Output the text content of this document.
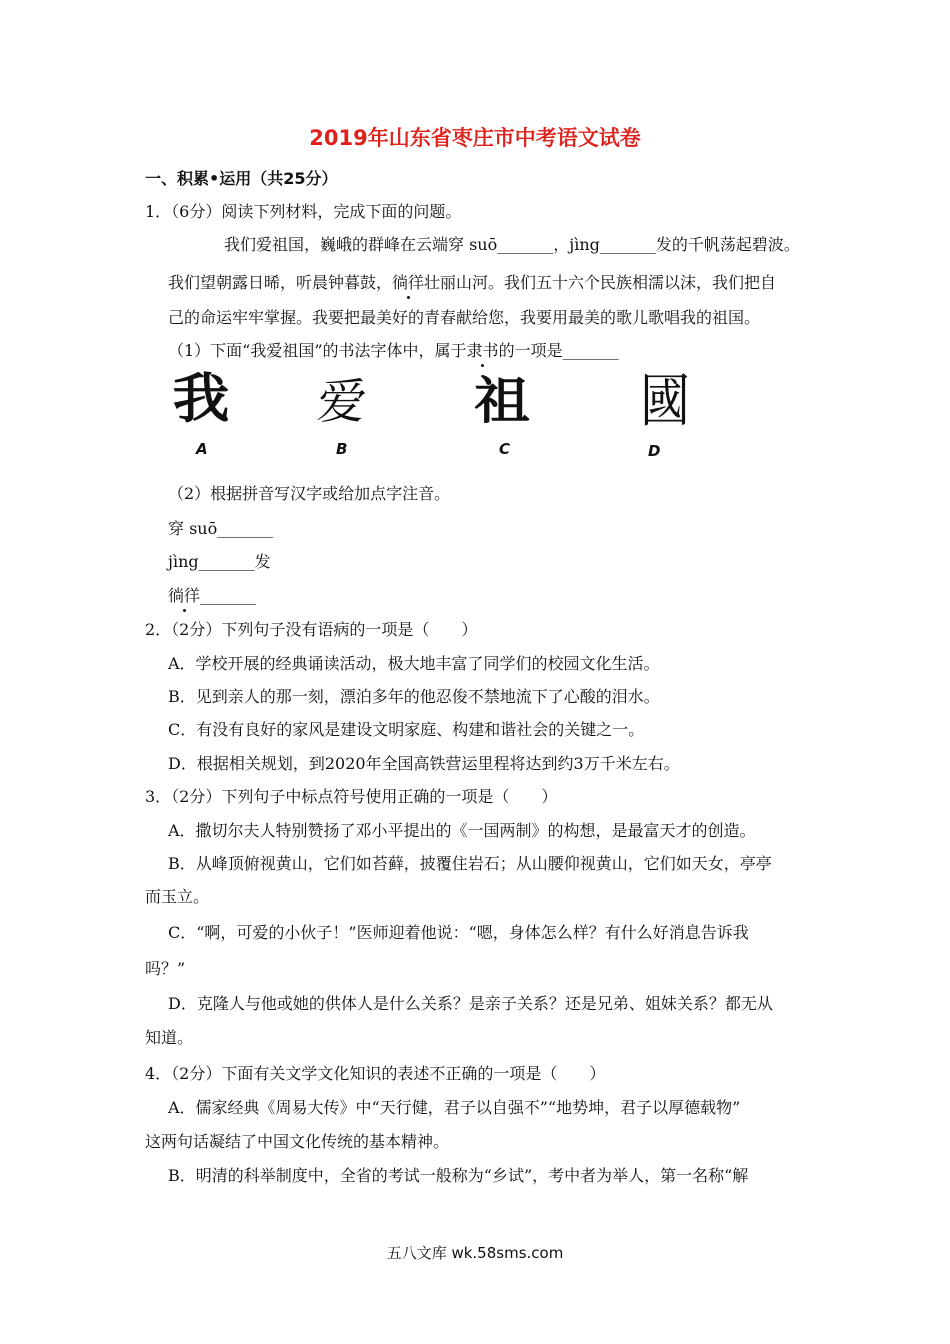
2019年山东省枣庄市中考语文试卷
一、积累•运用（共25分）
1．（6分）阅读下列材料，完成下面的问题。
我们爱祖国，巍峨的群峰在云端穿 suō_______，jìng_______发的千帆荡起碧波。
我们望朝露日晞，听晨钟暮鼓，徜徉壮丽山河。我们五十六个民族相濡以沫，我们把自
己的命运牢牢掌握。我要把最美好的青春献给您，我要用最美的歌儿歌唱我的祖国。
（1）下面“我爱祖国”的书法字体中，属于隶书的一项是_______
我
A
爱
B
祖
C
國
D
（2）根据拼音写汉字或给加点字注音。
穿 suō_______
jìng_______发
徜徉_______
2．（2分）下列句子没有语病的一项是（　　）
A．学校开展的经典诵读活动，极大地丰富了同学们的校园文化生活。
B．见到亲人的那一刻，漂泊多年的他忍俊不禁地流下了心酸的泪水。
C．有没有良好的家风是建设文明家庭、构建和谐社会的关键之一。
D．根据相关规划，到2020年全国高铁营运里程将达到约3万千米左右。
3．（2分）下列句子中标点符号使用正确的一项是（　　）
A．撒切尔夫人特别赞扬了邓小平提出的《一国两制》的构想，是最富天才的创造。
B．从峰顶俯视黄山，它们如苔藓，披覆住岩石；从山腰仰视黄山，它们如天女，亭亭
而玉立。
C．“啊，可爱的小伙子！”医师迎着他说：“嗯，身体怎么样？有什么好消息告诉我
吗？”
D．克隆人与他或她的供体人是什么关系？是亲子关系？还是兄弟、姐妹关系？都无从
知道。
4．（2分）下面有关文学文化知识的表述不正确的一项是（　　）
A．儒家经典《周易大传》中“天行健，君子以自强不”“地势坤，君子以厚德载物”
这两句话凝结了中国文化传统的基本精神。
B．明清的科举制度中，全省的考试一般称为“乡试”，考中者为举人，第一名称“解
五八文库 wk.58sms.com
